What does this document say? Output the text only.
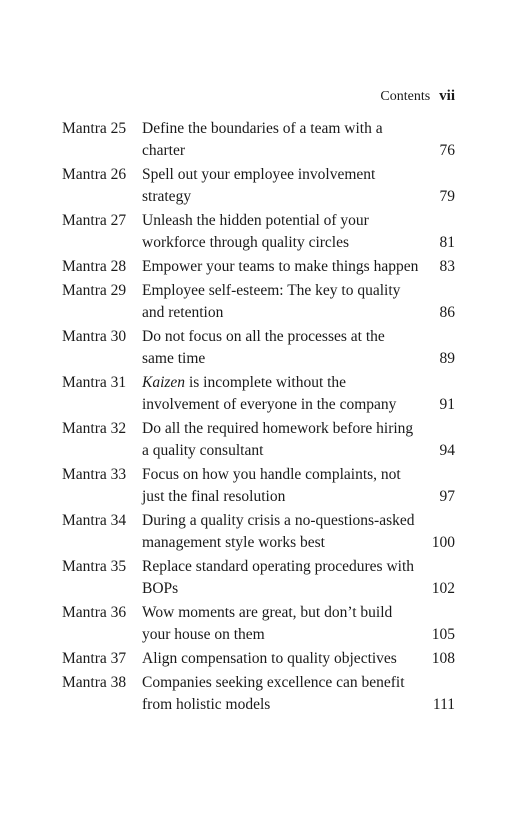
Contents vii
Mantra 25	Define the boundaries of a team with a charter	76
Mantra 26	Spell out your employee involvement strategy	79
Mantra 27	Unleash the hidden potential of your workforce through quality circles	81
Mantra 28	Empower your teams to make things happen	83
Mantra 29	Employee self-esteem: The key to quality and retention	86
Mantra 30	Do not focus on all the processes at the same time	89
Mantra 31	Kaizen is incomplete without the involvement of everyone in the company	91
Mantra 32	Do all the required homework before hiring a quality consultant	94
Mantra 33	Focus on how you handle complaints, not just the final resolution	97
Mantra 34	During a quality crisis a no-questions-asked management style works best	100
Mantra 35	Replace standard operating procedures with BOPs	102
Mantra 36	Wow moments are great, but don’t build your house on them	105
Mantra 37	Align compensation to quality objectives	108
Mantra 38	Companies seeking excellence can benefit from holistic models	111
